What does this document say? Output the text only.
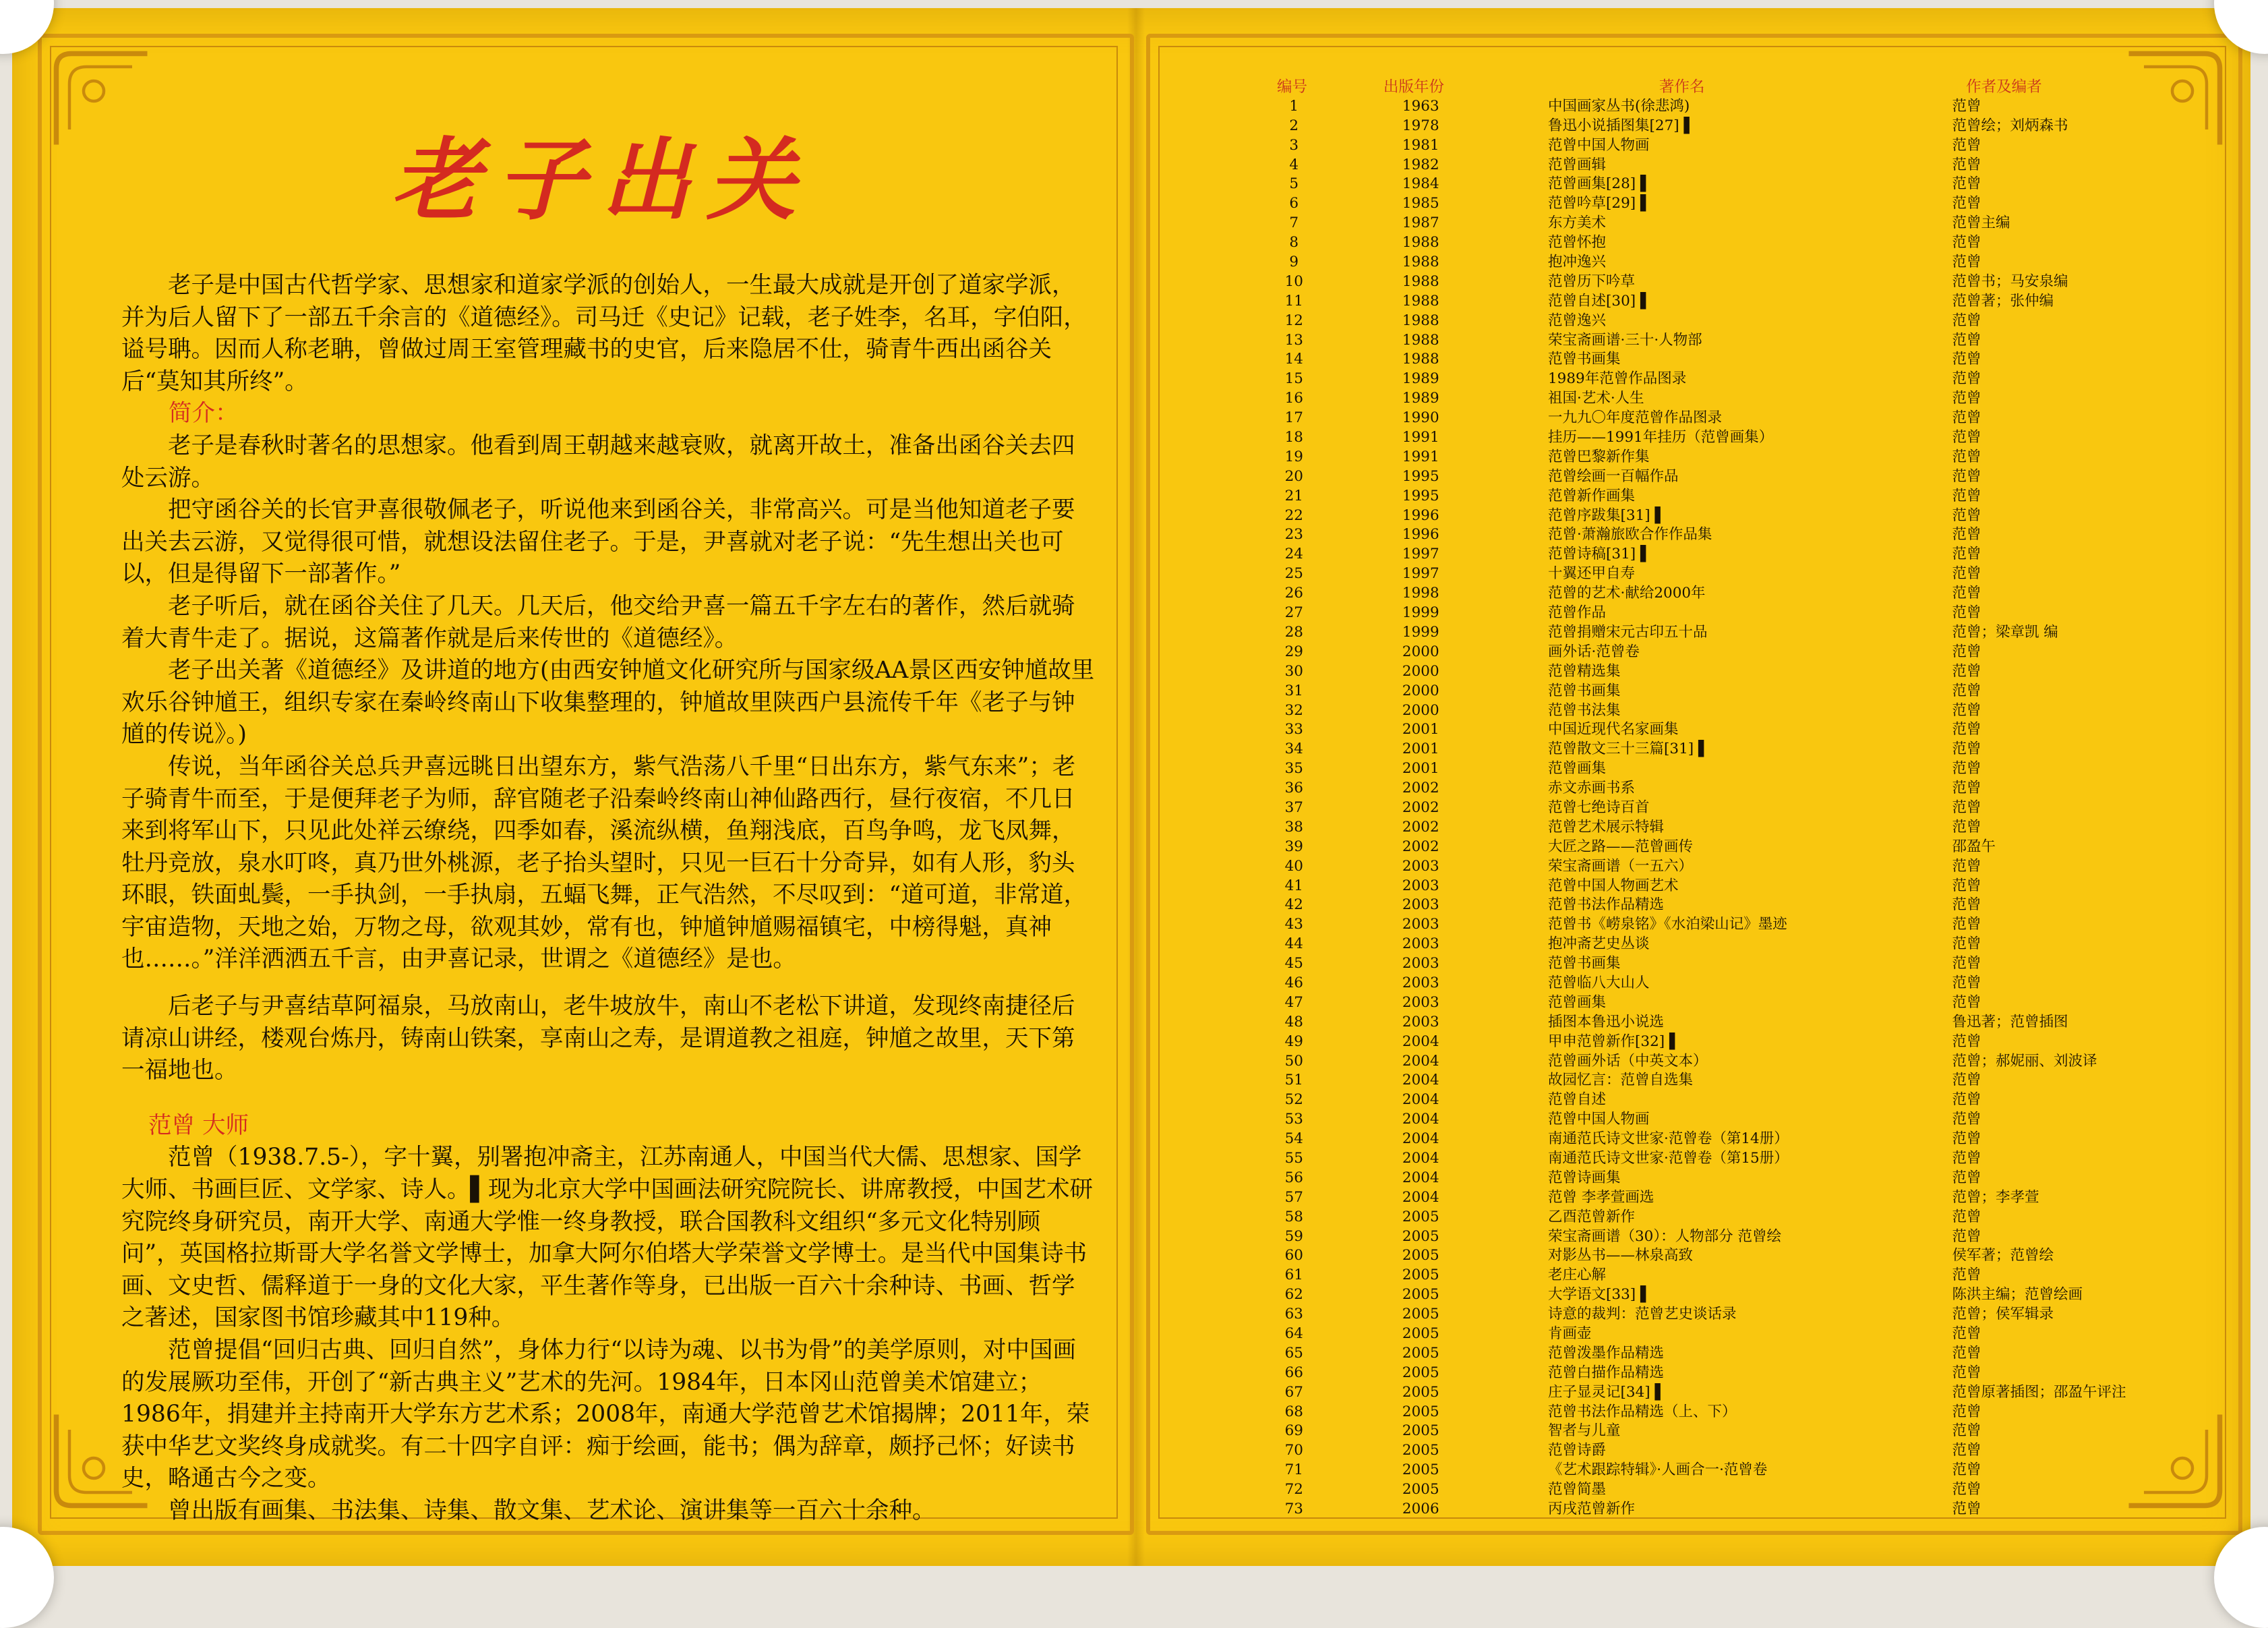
老子出关

老子是中国古代哲学家、思想家和道家学派的创始人，一生最大成就是开创了道家学派，并为后人留下了一部五千余言的《道德经》。司马迁《史记》记载，老子姓李，名耳，字伯阳，谥号聃。因而人称老聃，曾做过周王室管理藏书的史官，后来隐居不仕，骑青牛西出函谷关后“莫知其所终”。

简介：

老子是春秋时著名的思想家。他看到周王朝越来越衰败，就离开故土，准备出函谷关去四处云游。

把守函谷关的长官尹喜很敬佩老子，听说他来到函谷关，非常高兴。可是当他知道老子要出关去云游，又觉得很可惜，就想设法留住老子。于是，尹喜就对老子说：“先生想出关也可以，但是得留下一部著作。”

老子听后，就在函谷关住了几天。几天后，他交给尹喜一篇五千字左右的著作，然后就骑着大青牛走了。据说，这篇著作就是后来传世的《道德经》。

老子出关著《道德经》及讲道的地方(由西安钟馗文化研究所与国家级AA景区西安钟馗故里欢乐谷钟馗王，组织专家在秦岭终南山下收集整理的，钟馗故里陕西户县流传千年《老子与钟馗的传说》。)

传说，当年函谷关总兵尹喜远眺日出望东方，紫气浩荡八千里“日出东方，紫气东来”；老子骑青牛而至，于是便拜老子为师，辞官随老子沿秦岭终南山神仙路西行，昼行夜宿，不几日来到将军山下，只见此处祥云缭绕，四季如春，溪流纵横，鱼翔浅底，百鸟争鸣，龙飞凤舞，牡丹竞放，泉水叮咚，真乃世外桃源，老子抬头望时，只见一巨石十分奇异，如有人形，豹头环眼，铁面虬鬓，一手执剑，一手执扇，五蝠飞舞，正气浩然，不尽叹到：“道可道，非常道，宇宙造物，天地之始，万物之母，欲观其妙，常有也，钟馗钟馗赐福镇宅，中榜得魁，真神也……。”洋洋洒洒五千言，由尹喜记录，世谓之《道德经》是也。

后老子与尹喜结草阿福泉，马放南山，老牛坡放牛，南山不老松下讲道，发现终南捷径后请凉山讲经，楼观台炼丹，铸南山铁案，享南山之寿，是谓道教之祖庭，钟馗之故里，天下第一福地也。

范曾 大师

范曾（1938.7.5-），字十翼，别署抱冲斋主，江苏南通人，中国当代大儒、思想家、国学大师、书画巨匠、文学家、诗人。▌现为北京大学中国画法研究院院长、讲席教授，中国艺术研究院终身研究员，南开大学、南通大学惟一终身教授，联合国教科文组织“多元文化特别顾问”，英国格拉斯哥大学名誉文学博士，加拿大阿尔伯塔大学荣誉文学博士。是当代中国集诗书画、文史哲、儒释道于一身的文化大家，平生著作等身，已出版一百六十余种诗、书画、哲学之著述，国家图书馆珍藏其中119种。

范曾提倡“回归古典、回归自然”，身体力行“以诗为魂、以书为骨”的美学原则，对中国画的发展厥功至伟，开创了“新古典主义”艺术的先河。1984年，日本冈山范曾美术馆建立；1986年，捐建并主持南开大学东方艺术系；2008年，南通大学范曾艺术馆揭牌；2011年，荣获中华艺文奖终身成就奖。有二十四字自评：痴于绘画，能书；偶为辞章，颇抒己怀；好读书史，略通古今之变。

曾出版有画集、书法集、诗集、散文集、艺术论、演讲集等一百六十余种。

编号	出版年份	著作名	作者及编者
1	1963	中国画家丛书(徐悲鸿)	范曾
2	1978	鲁迅小说插图集[27] ▌	范曾绘；刘炳森书
3	1981	范曾中国人物画	范曾
4	1982	范曾画辑	范曾
5	1984	范曾画集[28] ▌	范曾
6	1985	范曾吟草[29] ▌	范曾
7	1987	东方美术	范曾主编
8	1988	范曾怀抱	范曾
9	1988	抱冲逸兴	范曾
10	1988	范曾历下吟草	范曾书；马安泉编
11	1988	范曾自述[30] ▌	范曾著；张仲编
12	1988	范曾逸兴	范曾
13	1988	荣宝斋画谱·三十·人物部	范曾
14	1988	范曾书画集	范曾
15	1989	1989年范曾作品图录	范曾
16	1989	祖国·艺术·人生	范曾
17	1990	一九九〇年度范曾作品图录	范曾
18	1991	挂历——1991年挂历（范曾画集）	范曾
19	1991	范曾巴黎新作集	范曾
20	1995	范曾绘画一百幅作品	范曾
21	1995	范曾新作画集	范曾
22	1996	范曾序跋集[31] ▌	范曾
23	1996	范曾·萧瀚旅欧合作作品集	范曾
24	1997	范曾诗稿[31] ▌	范曾
25	1997	十翼还甲自寿	范曾
26	1998	范曾的艺术·献给2000年	范曾
27	1999	范曾作品	范曾
28	1999	范曾捐赠宋元古印五十品	范曾；梁章凯 编
29	2000	画外话·范曾卷	范曾
30	2000	范曾精选集	范曾
31	2000	范曾书画集	范曾
32	2000	范曾书法集	范曾
33	2001	中国近现代名家画集	范曾
34	2001	范曾散文三十三篇[31] ▌	范曾
35	2001	范曾画集	范曾
36	2002	赤文赤画书系	范曾
37	2002	范曾七绝诗百首	范曾
38	2002	范曾艺术展示特辑	范曾
39	2002	大匠之路——范曾画传	邵盈午
40	2003	荣宝斋画谱（一五六）	范曾
41	2003	范曾中国人物画艺术	范曾
42	2003	范曾书法作品精选	范曾
43	2003	范曾书《崂泉铭》《水泊梁山记》墨迹	范曾
44	2003	抱冲斋艺史丛谈	范曾
45	2003	范曾书画集	范曾
46	2003	范曾临八大山人	范曾
47	2003	范曾画集	范曾
48	2003	插图本鲁迅小说选	鲁迅著；范曾插图
49	2004	甲申范曾新作[32] ▌	范曾
50	2004	范曾画外话（中英文本）	范曾；郝妮丽、刘波译
51	2004	故园忆言：范曾自选集	范曾
52	2004	范曾自述	范曾
53	2004	范曾中国人物画	范曾
54	2004	南通范氏诗文世家·范曾卷（第14册）	范曾
55	2004	南通范氏诗文世家·范曾卷（第15册）	范曾
56	2004	范曾诗画集	范曾
57	2004	范曾 李孝萱画选	范曾；李孝萱
58	2005	乙酉范曾新作	范曾
59	2005	荣宝斋画谱（30）：人物部分 范曾绘	范曾
60	2005	对影丛书——林泉高致	侯军著；范曾绘
61	2005	老庄心解	范曾
62	2005	大学语文[33] ▌	陈洪主编；范曾绘画
63	2005	诗意的裁判：范曾艺史谈话录	范曾；侯军辑录
64	2005	肯画壶	范曾
65	2005	范曾泼墨作品精选	范曾
66	2005	范曾白描作品精选	范曾
67	2005	庄子显灵记[34] ▌	范曾原著插图；邵盈午评注
68	2005	范曾书法作品精选（上、下）	范曾
69	2005	智者与儿童	范曾
70	2005	范曾诗爵	范曾
71	2005	《艺术跟踪特辑》·人画合一·范曾卷	范曾
72	2005	范曾简墨	范曾
73	2006	丙戌范曾新作	范曾
